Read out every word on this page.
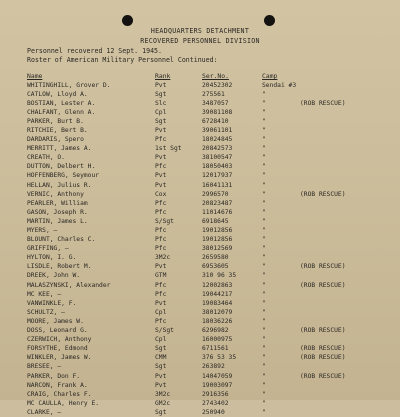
HEADQUARTERS DETACHMENT
RECOVERED PERSONNEL DIVISION
Personnel recovered 12 Sept. 1945.
Roster of American Military Personnel Continued:
Name	Rank	Ser.No.	Camp
WHITINGHILL, Grover D.	Pvt	20452302	Sendai #3
CATLOW, Lloyd A.	Sgt	275561	"
BOSTIAN, Lester A.	Slc	3487057	"	(ROB RESCUE)
CHALFANT, Glenn A.	Cpl	39081108	"
PARKER, Burt B.	Sgt	6728410	"
RITCHIE, Bert B.	Pvt	39061101	"
DARDARIS, Spero	Pfc	18024845	"
MERRITT, James A.	1st Sgt	20842573	"
CREATH, O.	Pvt	38100547	"
DUTTON, Delbert H.	Pfc	18050403	"
HOFFENBERG, Seymour	Pvt	12017937	"
HELLAN, Julius R.	Pvt	16041131	"
VERNIC, Anthony	Cox	2996570	"	(ROB RESCUE)
PEARLER, William	Pfc	20823487	"
GASON, Joseph R.	Pfc	11014676	"
MARTIN, James L.	S/Sgt	6918645	"
MYERS, —	Pfc	19012856	"
BLOUNT, Charles C.	Pfc	19012856	"
GRIFFING, —	Pfc	38012569	"
HYLTON, I. G.	3M2c	2659580	"
LISDLE, Robert M.	Pvt	6953605	"	(ROB RESCUE)
DREEK, John W.	GTM	310 96 35	"
MALASZYNSKI, Alexander	Pfc	12002863	"	(ROB RESCUE)
MC KEE, —	Pfc	19044217	"
VANWINKLE, F.	Pvt	19083464	"
SCHULTZ, —	Cpl	38012079	"
MOORE, James W.	Pfc	18036226	"
DOSS, Leonard G.	S/Sgt	6296982	"	(ROB RESCUE)
CZERWICH, Anthony	Cpl	16000975	"
FORSYTHE, Edmond	Sgt	6711561	"	(ROB RESCUE)
WINKLER, James W.	CMM	376 53 35	"	(ROB RESCUE)
BRESEE, —	Sgt	263892	"
PARKER, Don F.	Pvt	14047059	"	(ROB RESCUE)
NARCON, Frank A.	Pvt	19003097	"
CRAIG, Charles F.	3M2c	2916356	"
MC CAULLA, Henry E.	GM2c	2743402	"
CLARKE, —	Sgt	250940	"
